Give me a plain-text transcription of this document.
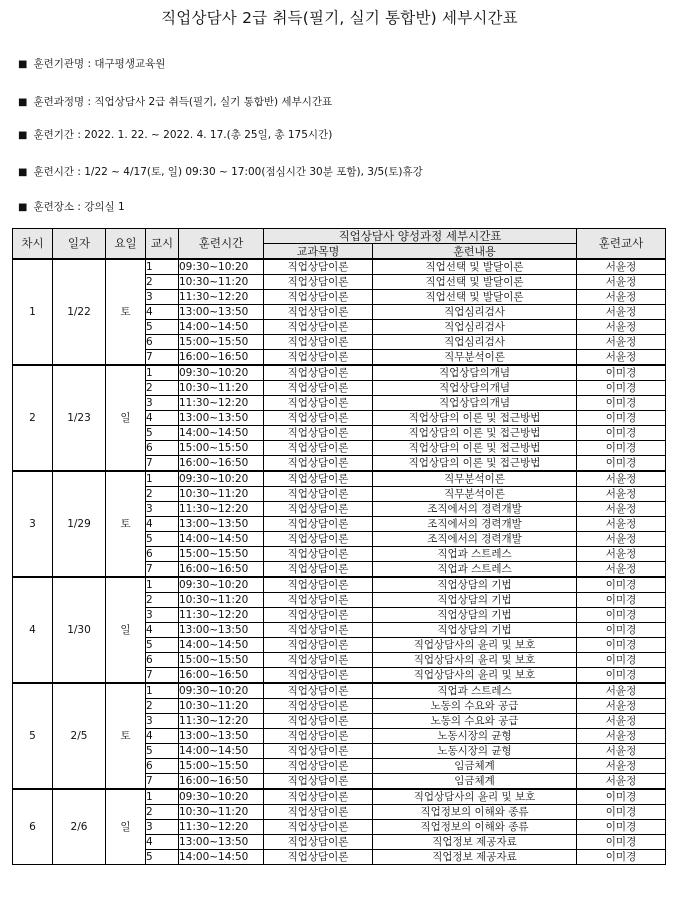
직업상담사 2급 취득(필기, 실기 통합반) 세부시간표
■ 훈련기관명 : 대구평생교육원
■ 훈련과정명 : 직업상담사 2급 취득(필기, 실기 통합반) 세부시간표
■ 훈련기간 : 2022. 1. 22. ~ 2022. 4. 17.(총 25일, 총 175시간)
■ 훈련시간 : 1/22 ~ 4/17(토, 일) 09:30 ~ 17:00(점심시간 30분 포함), 3/5(토)휴강
■ 훈련장소 : 강의실 1
차시	일자	요일	교시	훈련시간	직업상담사 양성과정 세부시간표		훈련교사
					교과목명	훈련내용	
1	1/22	토	1	09:30~10:20	직업상담이론	직업선택 및 발달이론	서윤정
			2	10:30~11:20	직업상담이론	직업선택 및 발달이론	서윤정
			3	11:30~12:20	직업상담이론	직업선택 및 발달이론	서윤정
			4	13:00~13:50	직업상담이론	직업심리검사	서윤정
			5	14:00~14:50	직업상담이론	직업심리검사	서윤정
			6	15:00~15:50	직업상담이론	직업심리검사	서윤정
			7	16:00~16:50	직업상담이론	직무분석이론	서윤정
2	1/23	일	1	09:30~10:20	직업상담이론	직업상담의개념	이미경
			2	10:30~11:20	직업상담이론	직업상담의개념	이미경
			3	11:30~12:20	직업상담이론	직업상담의개념	이미경
			4	13:00~13:50	직업상담이론	직업상담의 이론 및 접근방법	이미경
			5	14:00~14:50	직업상담이론	직업상담의 이론 및 접근방법	이미경
			6	15:00~15:50	직업상담이론	직업상담의 이론 및 접근방법	이미경
			7	16:00~16:50	직업상담이론	직업상담의 이론 및 접근방법	이미경
3	1/29	토	1	09:30~10:20	직업상담이론	직무분석이론	서윤정
			2	10:30~11:20	직업상담이론	직무분석이론	서윤정
			3	11:30~12:20	직업상담이론	조직에서의 경력개발	서윤정
			4	13:00~13:50	직업상담이론	조직에서의 경력개발	서윤정
			5	14:00~14:50	직업상담이론	조직에서의 경력개발	서윤정
			6	15:00~15:50	직업상담이론	직업과 스트레스	서윤정
			7	16:00~16:50	직업상담이론	직업과 스트레스	서윤정
4	1/30	일	1	09:30~10:20	직업상담이론	직업상담의 기법	이미경
			2	10:30~11:20	직업상담이론	직업상담의 기법	이미경
			3	11:30~12:20	직업상담이론	직업상담의 기법	이미경
			4	13:00~13:50	직업상담이론	직업상담의 기법	이미경
			5	14:00~14:50	직업상담이론	직업상담사의 윤리 및 보호	이미경
			6	15:00~15:50	직업상담이론	직업상담사의 윤리 및 보호	이미경
			7	16:00~16:50	직업상담이론	직업상담사의 윤리 및 보호	이미경
5	2/5	토	1	09:30~10:20	직업상담이론	직업과 스트레스	서윤정
			2	10:30~11:20	직업상담이론	노동의 수요와 공급	서윤정
			3	11:30~12:20	직업상담이론	노동의 수요와 공급	서윤정
			4	13:00~13:50	직업상담이론	노동시장의 균형	서윤정
			5	14:00~14:50	직업상담이론	노동시장의 균형	서윤정
			6	15:00~15:50	직업상담이론	임금체계	서윤정
			7	16:00~16:50	직업상담이론	임금체계	서윤정
6	2/6	일	1	09:30~10:20	직업상담이론	직업상담사의 윤리 및 보호	이미경
			2	10:30~11:20	직업상담이론	직업정보의 이해와 종류	이미경
			3	11:30~12:20	직업상담이론	직업정보의 이해와 종류	이미경
			4	13:00~13:50	직업상담이론	직업정보 제공자료	이미경
			5	14:00~14:50	직업상담이론	직업정보 제공자료	이미경
